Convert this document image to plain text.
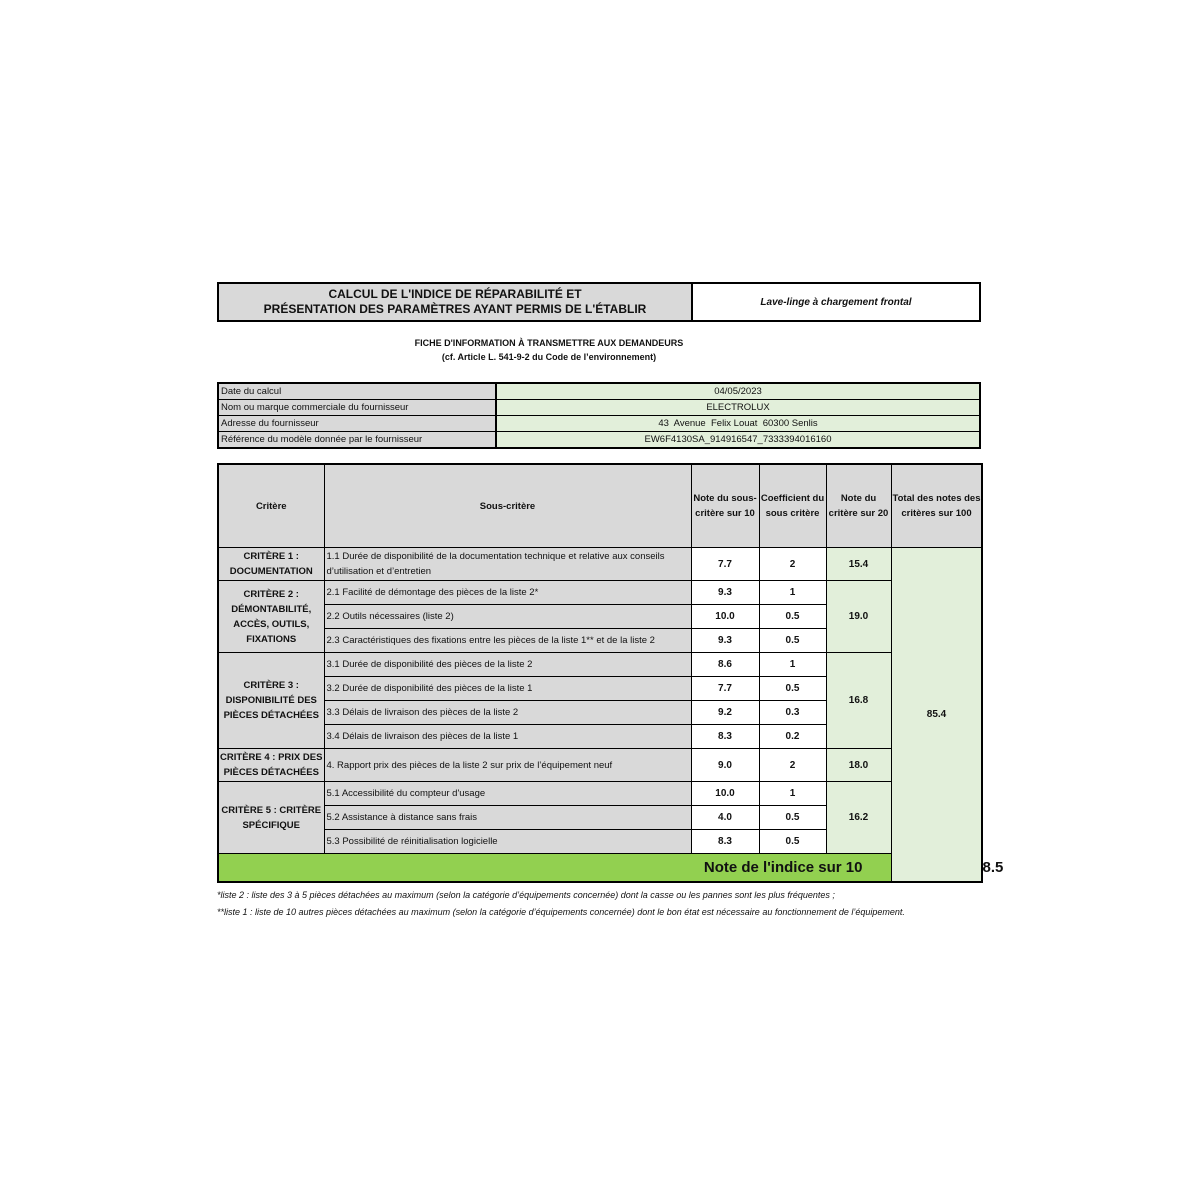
CALCUL DE L'INDICE DE RÉPARABILITÉ ET
PRÉSENTATION DES PARAMÈTRES AYANT PERMIS DE L'ÉTABLIR	Lave-linge à chargement frontal
FICHE D'INFORMATION À TRANSMETTRE AUX DEMANDEURS
(cf. Article L. 541-9-2 du Code de l’environnement)
Date du calcul	04/05/2023
Nom ou marque commerciale du fournisseur	ELECTROLUX
Adresse du fournisseur	43  Avenue  Felix Louat  60300 Senlis
Référence du modèle donnée par le fournisseur	EW6F4130SA_914916547_7333394016160
Critère	Sous-critère	Note du sous-critère sur 10	Coefficient du sous critère	Note du critère sur 20	Total des notes des critères sur 100	
CRITÈRE 1 : DOCUMENTATION	1.1 Durée de disponibilité de la documentation technique et relative aux conseils d’utilisation et d’entretien	7.7	2	15.4	85.4	
CRITÈRE 2 : DÉMONTABILITÉ, ACCÈS, OUTILS, FIXATIONS	2.1 Facilité de démontage des pièces de la liste 2*	9.3	1	19.0		
	2.2 Outils nécessaires (liste 2)	10.0	0.5			
	2.3 Caractéristiques des fixations entre les pièces de la liste 1** et de la liste 2	9.3	0.5			
CRITÈRE 3 : DISPONIBILITÉ DES PIÈCES DÉTACHÉES	3.1 Durée de disponibilité des pièces de la liste 2	8.6	1	16.8		
	3.2 Durée de disponibilité des pièces de la liste 1	7.7	0.5			
	3.3 Délais de livraison des pièces de la liste 2	9.2	0.3			
	3.4 Délais de livraison des pièces de la liste 1	8.3	0.2			
CRITÈRE 4 : PRIX DES PIÈCES DÉTACHÉES	4. Rapport prix des pièces de la liste 2 sur prix de l’équipement neuf	9.0	2	18.0		
CRITÈRE 5 : CRITÈRE SPÉCIFIQUE	5.1 Accessibilité du compteur d'usage	10.0	1	16.2		
	5.2 Assistance à distance sans frais	4.0	0.5			
	5.3 Possibilité de réinitialisation logicielle	8.3	0.5			
Note de l'indice sur 10						8.5
*liste 2 : liste des 3 à 5 pièces détachées au maximum (selon la catégorie d’équipements concernée) dont la casse ou les pannes sont les plus fréquentes ;
**liste 1 : liste de 10 autres pièces détachées au maximum (selon la catégorie d’équipements concernée) dont le bon état est nécessaire au fonctionnement de l’équipement.
